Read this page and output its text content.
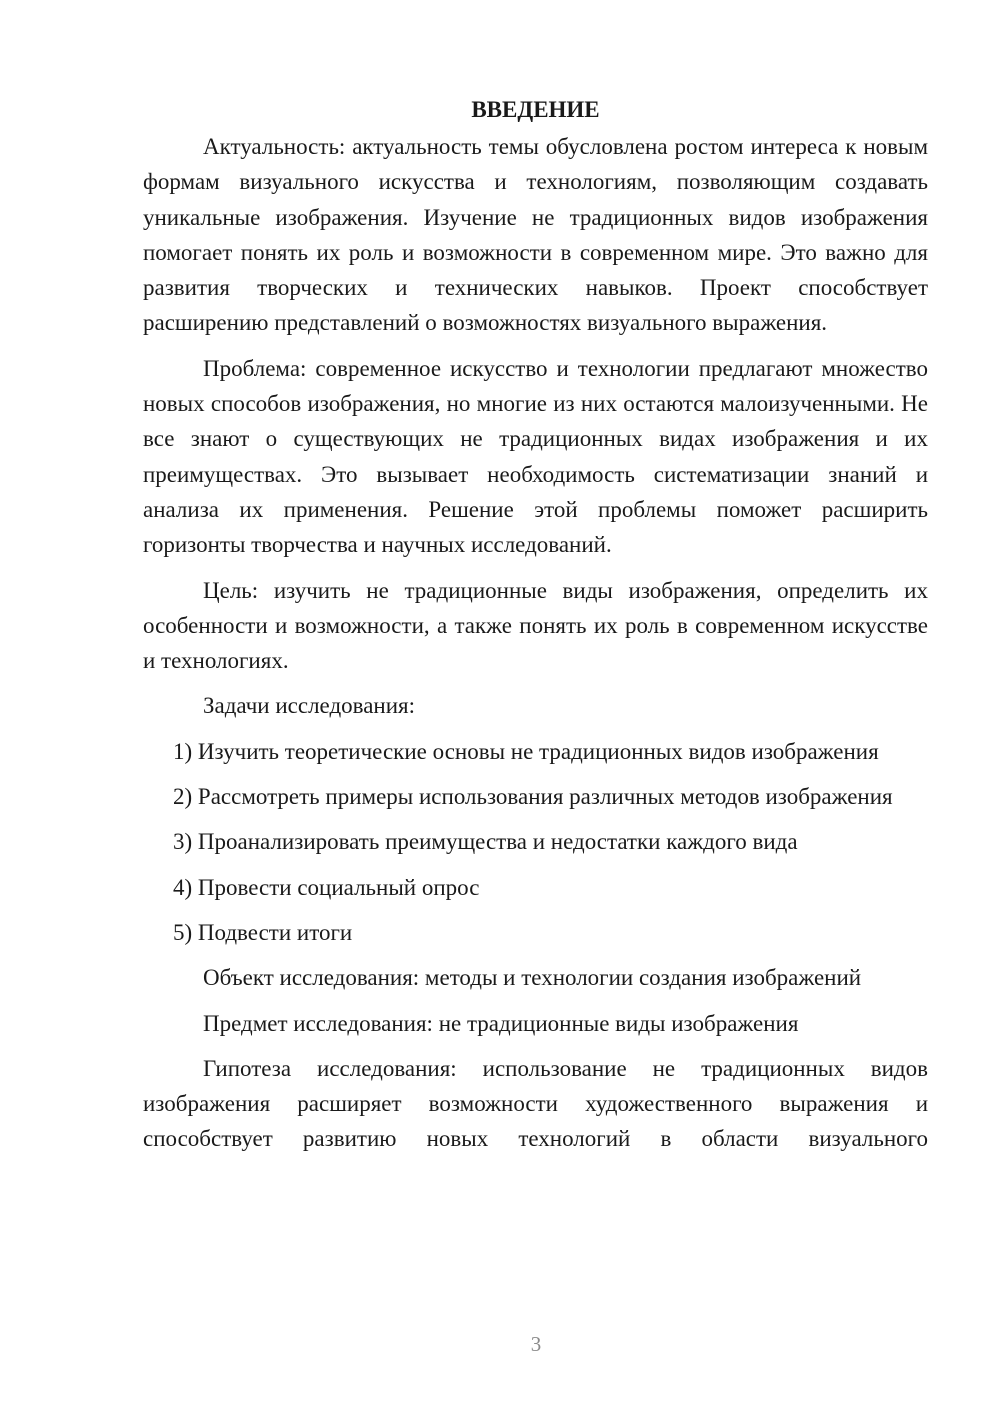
ВВЕДЕНИЕ

Актуальность: актуальность темы обусловлена ростом интереса к новым формам визуального искусства и технологиям, позволяющим создавать уникальные изображения. Изучение не традиционных видов изображения помогает понять их роль и возможности в современном мире. Это важно для развития творческих и технических навыков. Проект способствует расширению представлений о возможностях визуального выражения.

Проблема: современное искусство и технологии предлагают множество новых способов изображения, но многие из них остаются малоизученными. Не все знают о существующих не традиционных видах изображения и их преимуществах. Это вызывает необходимость систематизации знаний и анализа их применения. Решение этой проблемы поможет расширить горизонты творчества и научных исследований.

Цель: изучить не традиционные виды изображения, определить их особенности и возможности, а также понять их роль в современном искусстве и технологиях.

Задачи исследования:

1) Изучить теоретические основы не традиционных видов изображения

2) Рассмотреть примеры использования различных методов изображения

3) Проанализировать преимущества и недостатки каждого вида

4) Провести социальный опрос

5) Подвести итоги

Объект исследования: методы и технологии создания изображений

Предмет исследования: не традиционные виды изображения

Гипотеза исследования: использование не традиционных видов изображения расширяет возможности художественного выражения и способствует развитию новых технологий в области визуального

3
